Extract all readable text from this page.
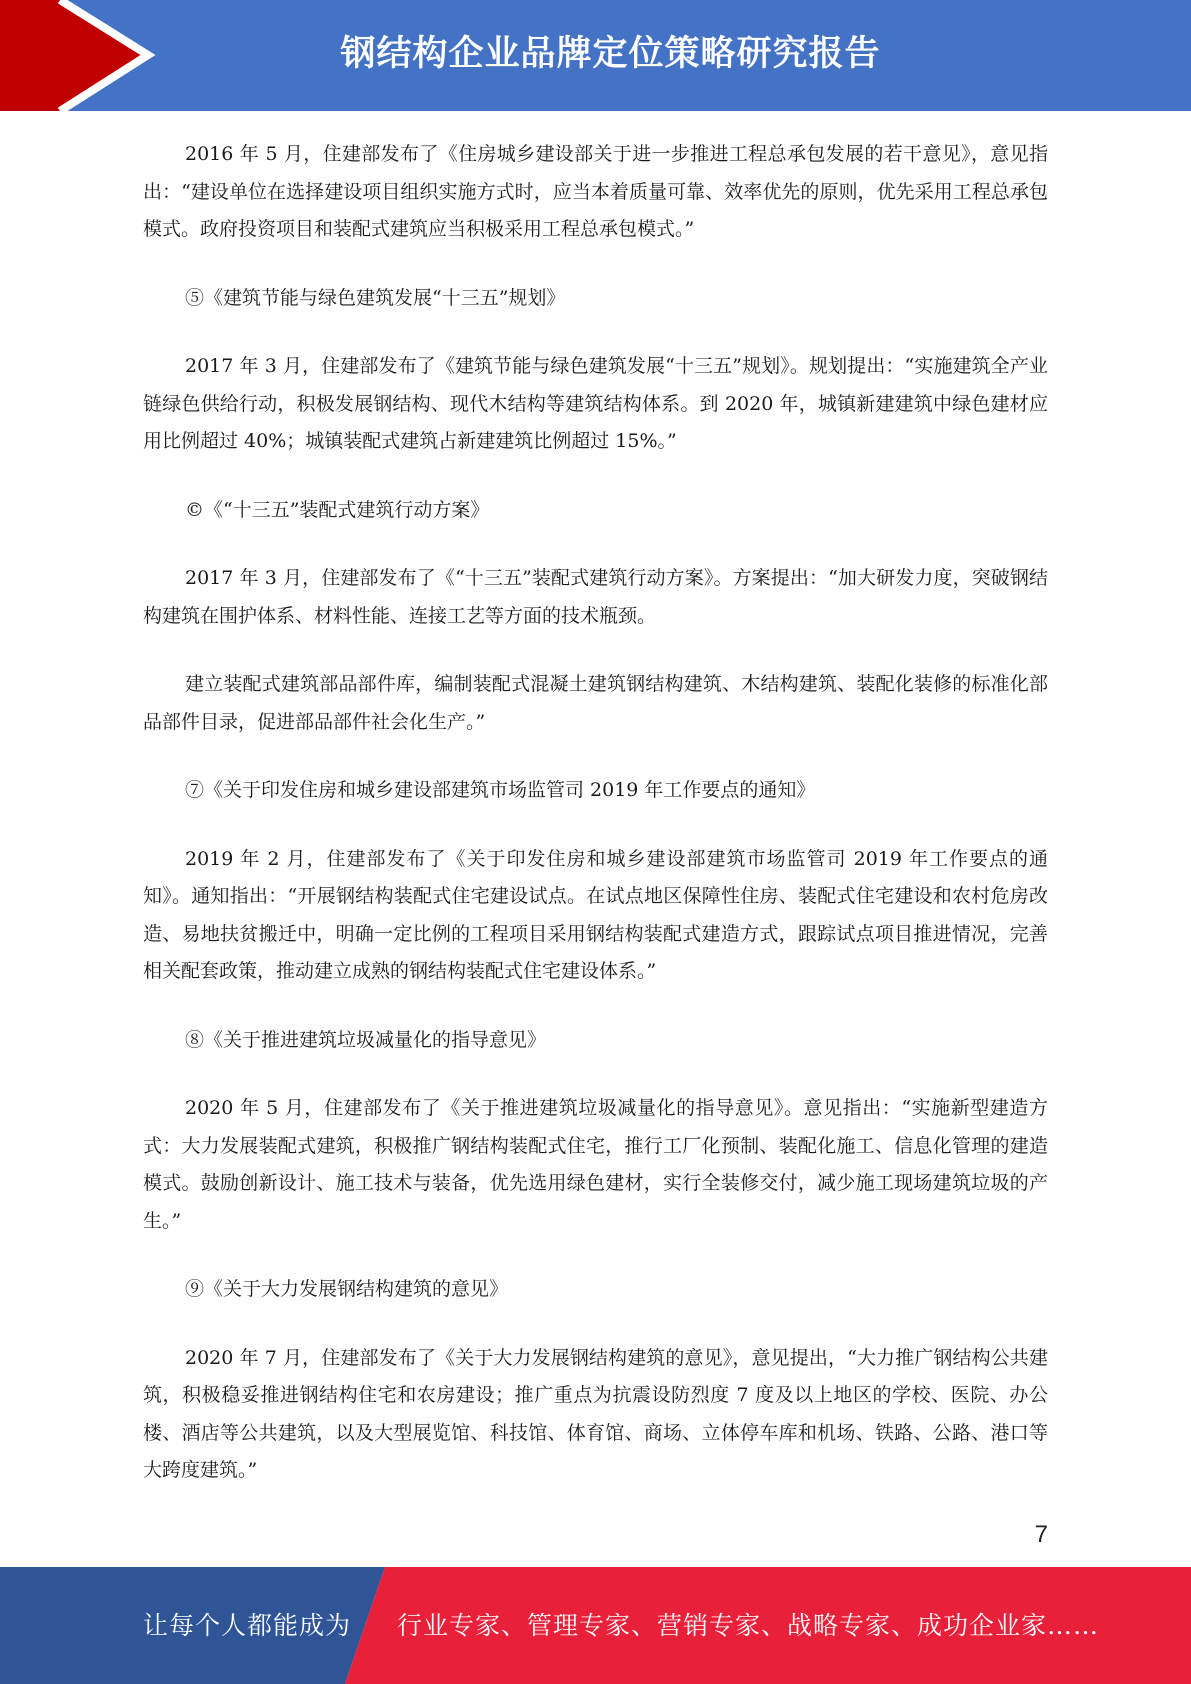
钢结构企业品牌定位策略研究报告

2016 年 5 月，住建部发布了《住房城乡建设部关于进一步推进工程总承包发展的若干意见》，意见指出：“建设单位在选择建设项目组织实施方式时，应当本着质量可靠、效率优先的原则，优先采用工程总承包模式。政府投资项目和装配式建筑应当积极采用工程总承包模式。”

⑤《建筑节能与绿色建筑发展“十三五”规划》

2017 年 3 月，住建部发布了《建筑节能与绿色建筑发展“十三五”规划》。规划提出：“实施建筑全产业链绿色供给行动，积极发展钢结构、现代木结构等建筑结构体系。到 2020 年，城镇新建建筑中绿色建材应用比例超过 40%；城镇装配式建筑占新建建筑比例超过 15%。”

©《“十三五”装配式建筑行动方案》

2017 年 3 月，住建部发布了《“十三五”装配式建筑行动方案》。方案提出：“加大研发力度，突破钢结构建筑在围护体系、材料性能、连接工艺等方面的技术瓶颈。

建立装配式建筑部品部件库，编制装配式混凝土建筑钢结构建筑、木结构建筑、装配化装修的标准化部品部件目录，促进部品部件社会化生产。”

⑦《关于印发住房和城乡建设部建筑市场监管司 2019 年工作要点的通知》

2019 年 2 月，住建部发布了《关于印发住房和城乡建设部建筑市场监管司 2019 年工作要点的通知》。通知指出：“开展钢结构装配式住宅建设试点。在试点地区保障性住房、装配式住宅建设和农村危房改造、易地扶贫搬迁中，明确一定比例的工程项目采用钢结构装配式建造方式，跟踪试点项目推进情况，完善相关配套政策，推动建立成熟的钢结构装配式住宅建设体系。”

⑧《关于推进建筑垃圾减量化的指导意见》

2020 年 5 月，住建部发布了《关于推进建筑垃圾减量化的指导意见》。意见指出：“实施新型建造方式：大力发展装配式建筑，积极推广钢结构装配式住宅，推行工厂化预制、装配化施工、信息化管理的建造模式。鼓励创新设计、施工技术与装备，优先选用绿色建材，实行全装修交付，减少施工现场建筑垃圾的产生。”

⑨《关于大力发展钢结构建筑的意见》

2020 年 7 月，住建部发布了《关于大力发展钢结构建筑的意见》，意见提出，“大力推广钢结构公共建筑，积极稳妥推进钢结构住宅和农房建设；推广重点为抗震设防烈度 7 度及以上地区的学校、医院、办公楼、酒店等公共建筑，以及大型展览馆、科技馆、体育馆、商场、立体停车库和机场、铁路、公路、港口等大跨度建筑。”

7
让每个人都能成为 行业专家、管理专家、营销专家、战略专家、成功企业家……
